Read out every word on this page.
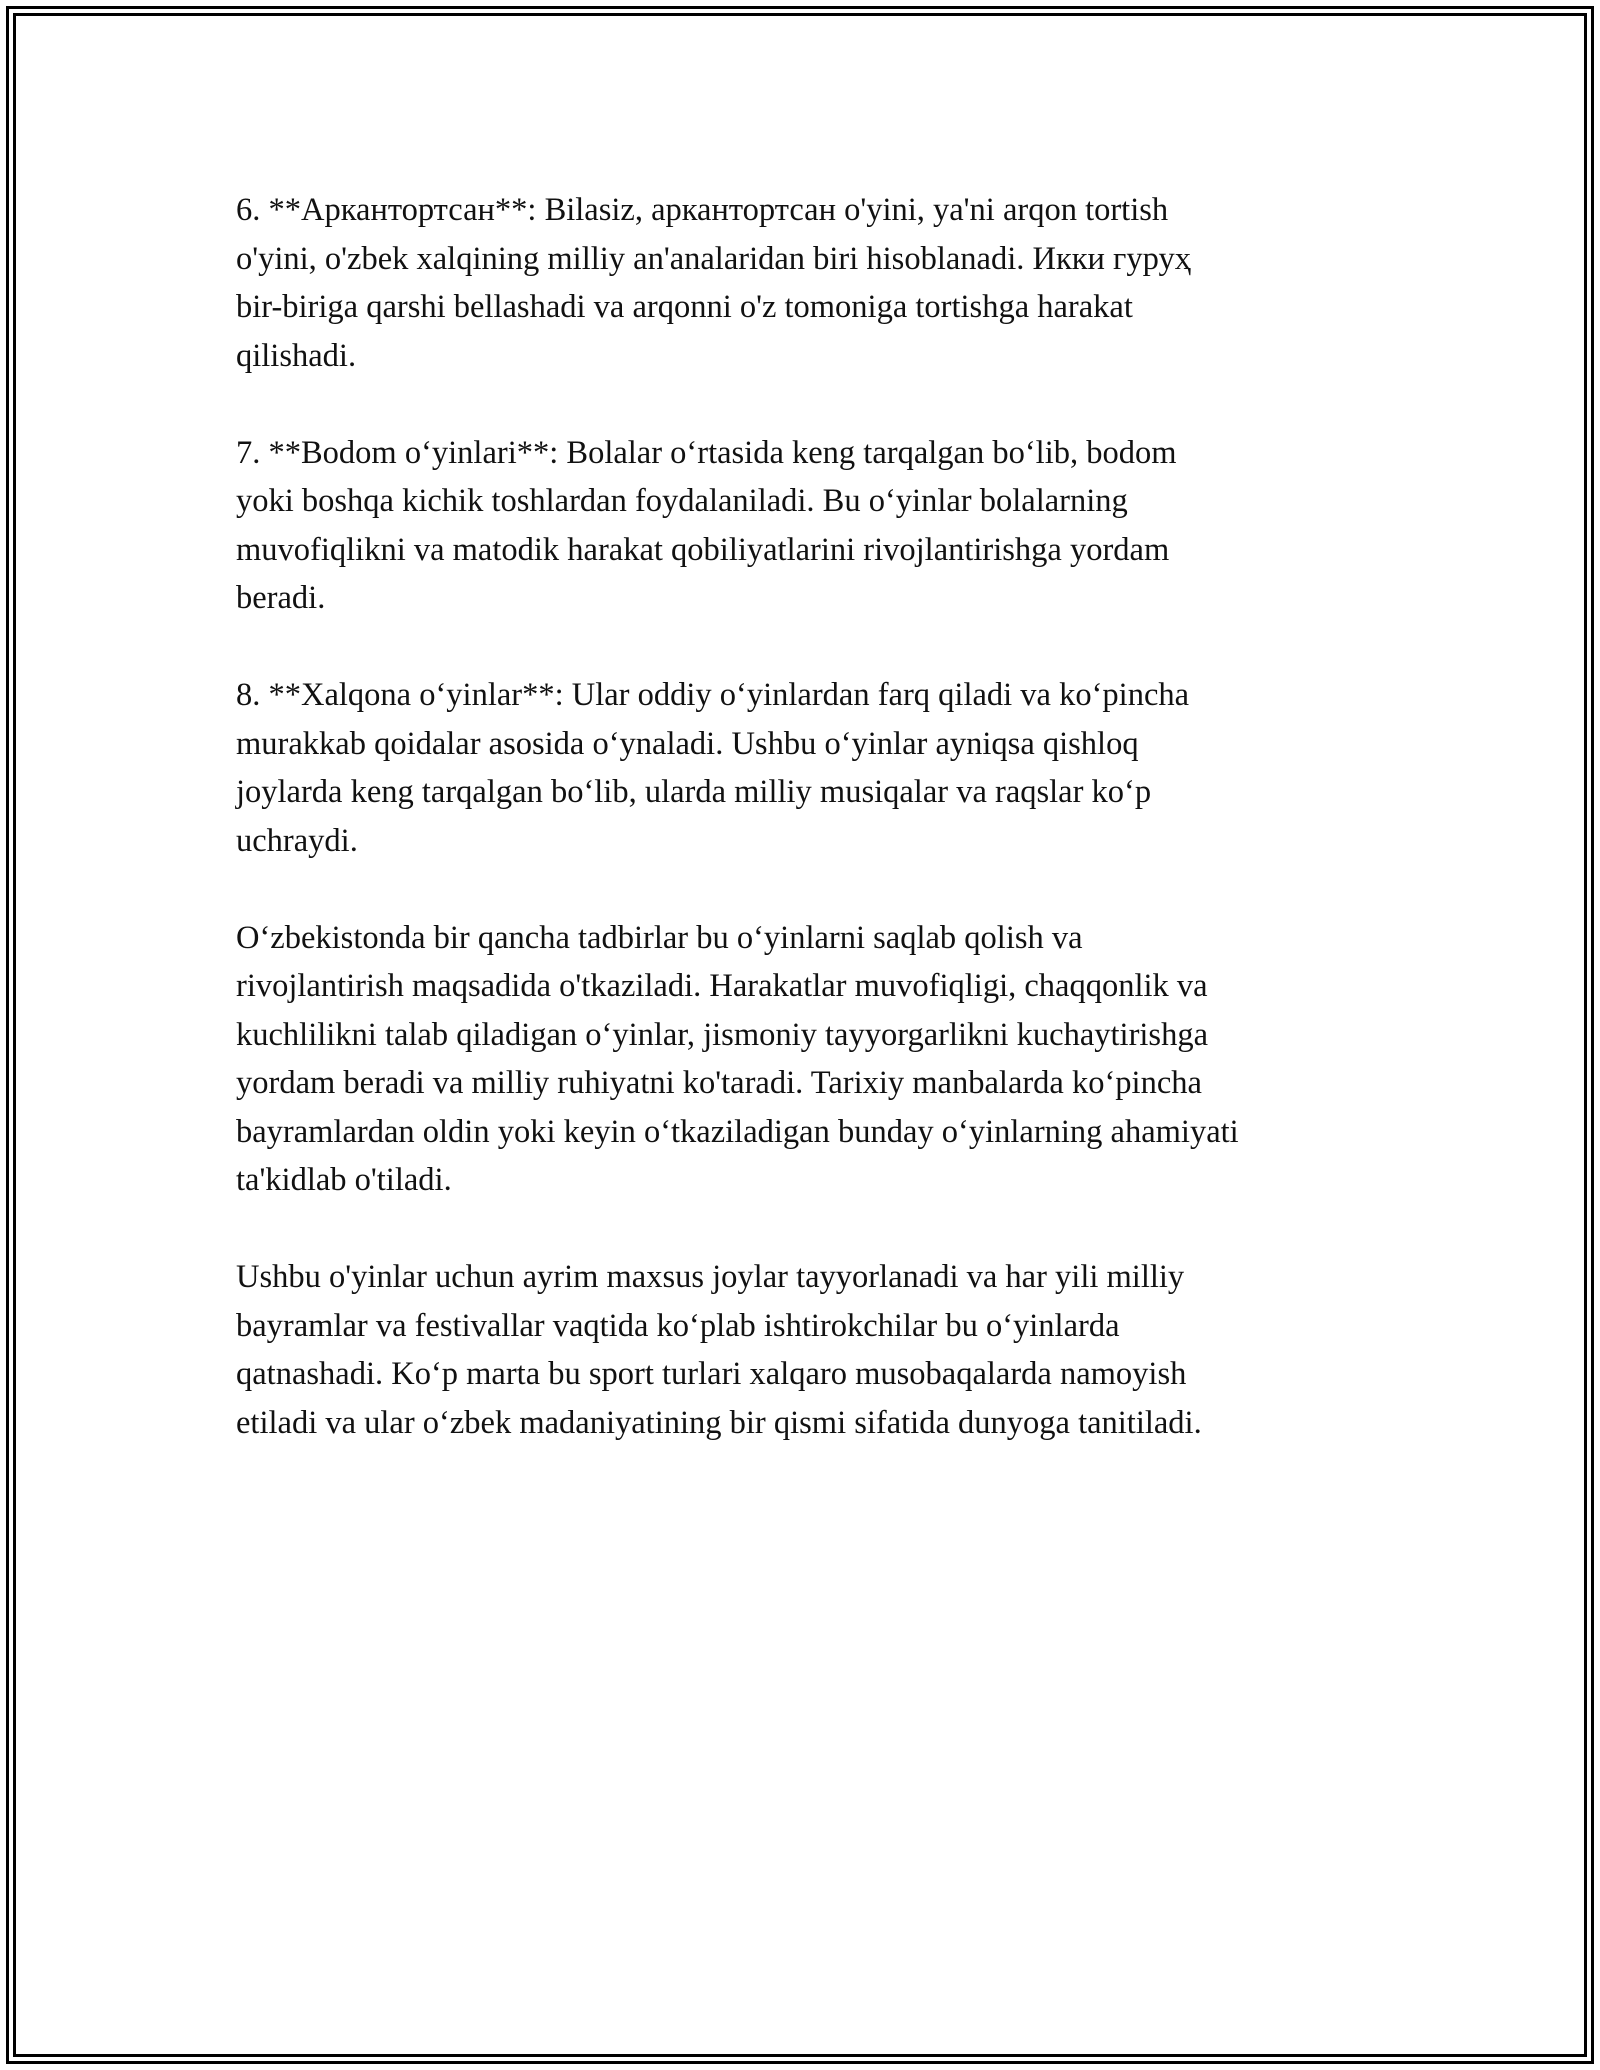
6. **Аркантортсан**: Bilasiz, аркантортсан o'yini, ya'ni arqon tortish
o'yini, o'zbek xalqining milliy an'analaridan biri hisoblanadi. Икки гуруҳ
bir-biriga qarshi bellashadi va arqonni o'z tomoniga tortishga harakat
qilishadi.

7. **Bodom o‘yinlari**: Bolalar o‘rtasida keng tarqalgan bo‘lib, bodom
yoki boshqa kichik toshlardan foydalaniladi. Bu o‘yinlar bolalarning
muvofiqlikni va matodik harakat qobiliyatlarini rivojlantirishga yordam
beradi.

8. **Xalqona o‘yinlar**: Ular oddiy o‘yinlardan farq qiladi va ko‘pincha
murakkab qoidalar asosida o‘ynaladi. Ushbu o‘yinlar ayniqsa qishloq
joylarda keng tarqalgan bo‘lib, ularda milliy musiqalar va raqslar ko‘p
uchraydi.

O‘zbekistonda bir qancha tadbirlar bu o‘yinlarni saqlab qolish va
rivojlantirish maqsadida o'tkaziladi. Harakatlar muvofiqligi, chaqqonlik va
kuchlilikni talab qiladigan o‘yinlar, jismoniy tayyorgarlikni kuchaytirishga
yordam beradi va milliy ruhiyatni ko'taradi. Tarixiy manbalarda ko‘pincha
bayramlardan oldin yoki keyin o‘tkaziladigan bunday o‘yinlarning ahamiyati
ta'kidlab o'tiladi.

Ushbu o'yinlar uchun ayrim maxsus joylar tayyorlanadi va har yili milliy
bayramlar va festivallar vaqtida ko‘plab ishtirokchilar bu o‘yinlarda
qatnashadi. Ko‘p marta bu sport turlari xalqaro musobaqalarda namoyish
etiladi va ular o‘zbek madaniyatining bir qismi sifatida dunyoga tanitiladi.
